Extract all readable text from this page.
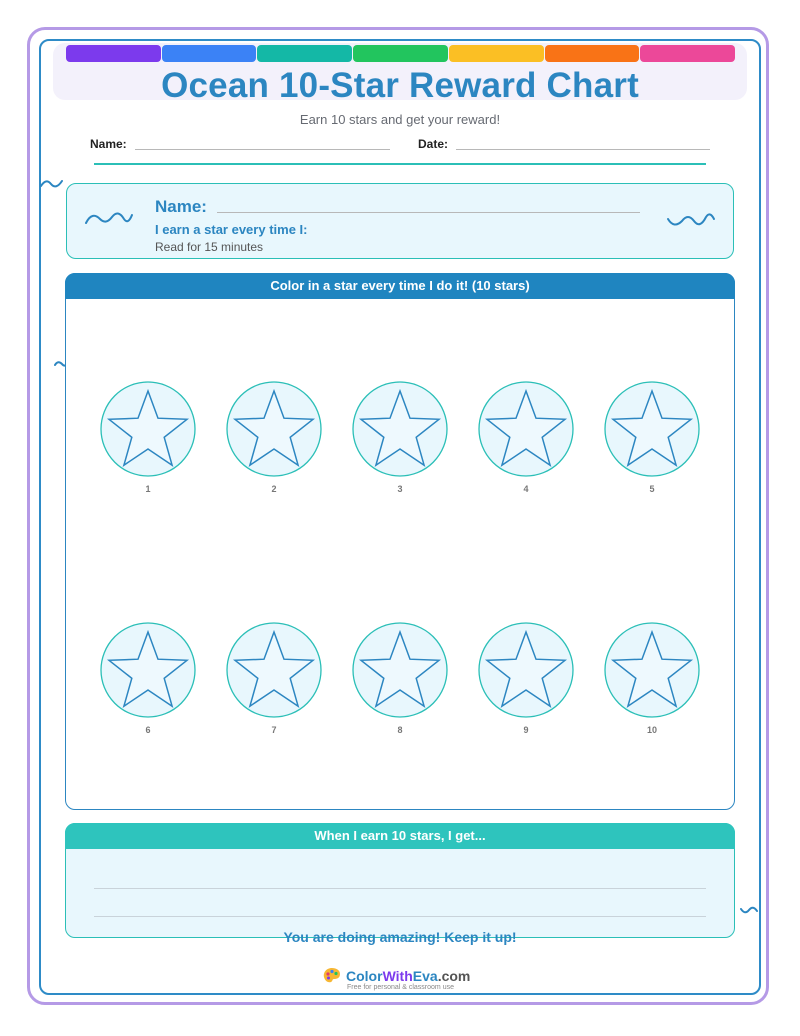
Ocean 10-Star Reward Chart
Earn 10 stars and get your reward!
Name:	Date:
Name:
I earn a star every time I:
Read for 15 minutes
Color in a star every time I do it! (10 stars)
1	2	3	4	5
6	7	8	9	10
When I earn 10 stars, I get...
You are doing amazing! Keep it up!
ColorWithEva.com
Free for personal & classroom use
